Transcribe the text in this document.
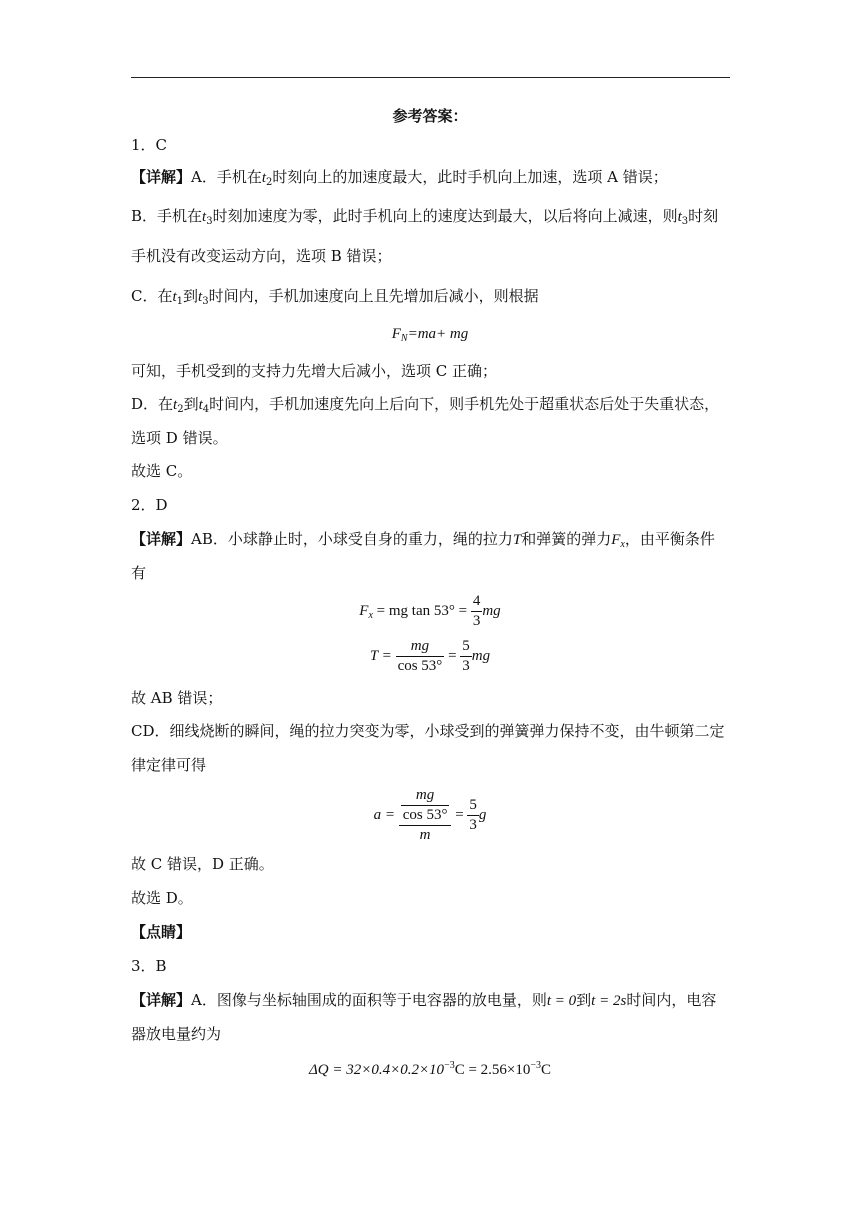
参考答案：
1．C
【详解】A．手机在$t_2$时刻向上的加速度最大，此时手机向上加速，选项 A 错误；
B．手机在$t_3$时刻加速度为零，此时手机向上的速度达到最大，以后将向上减速，则$t_3$时刻
手机没有改变运动方向，选项 B 错误；
C．在$t_1$到$t_3$时间内，手机加速度向上且先增加后减小，则根据
$F_N=ma+$ mg
可知，手机受到的支持力先增大后减小，选项 C 正确；
D．在$t_2$到$t_4$时间内，手机加速度先向上后向下，则手机先处于超重状态后处于失重状态，
选项 D 错误。
故选 C。
2．D
【详解】AB．小球静止时，小球受自身的重力，绳的拉力T和弹簧的弹力$F_x$，由平衡条件
有
$F_x$ = mg $\tan 53^\circ = \frac{4}{3}$ mg
$T = \frac{mg}{\cos 53^\circ} = \frac{5}{3}$ mg
故 AB 错误；
CD．细线烧断的瞬间，绳的拉力突变为零，小球受到的弹簧弹力保持不变，由牛顿第二定
律定律可得
$a = \frac{\frac{mg}{\cos 53^\circ}}{m} = \frac{5}{3}$ g
故 C 错误，D 正确。
故选 D。
【点睛】
3．B
【详解】A．图像与坐标轴围成的面积等于电容器的放电量，则t = 0到t = 2s时间内，电容
器放电量约为
$\Delta Q = 32\times 0.4\times 0.2\times 10^{-3}C = 2.56\times 10^{-3}C$
